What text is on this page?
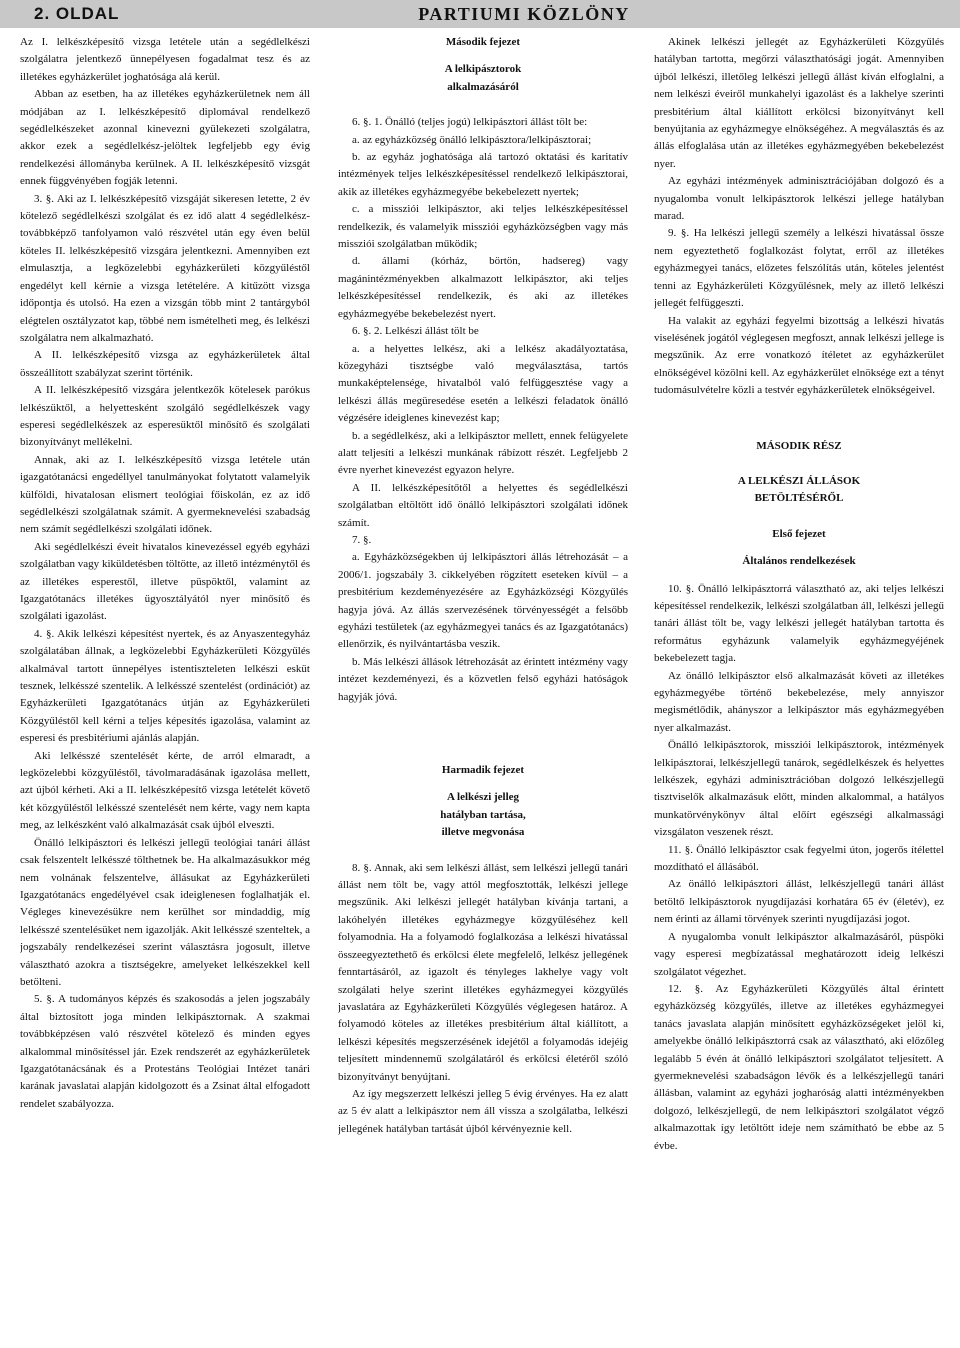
2. OLDAL	PARTIUMI KÖZLÖNY

Az I. lelkészképesítő vizsga letétele után a segédlelkészi szolgálatra jelentkező ünnepélyesen fogadalmat tesz és az illetékes egyházkerület joghatósága alá kerül.

Abban az esetben, ha az illetékes egyházkerületnek nem áll módjában az I. lelkészképesítő diplomával rendelkező segédlelkészeket azonnal kinevezni gyülekezeti szolgálatra, akkor ezek a segédlelkész-jelöltek legfeljebb egy évig rendelkezési állományba kerülnek. A II. lelkészképesítő vizsgát ennek függvényében fogják letenni.

3. §. Aki az I. lelkészképesítő vizsgáját sikeresen letette, 2 év kötelező segédlelkészi szolgálat és ez idő alatt 4 segédlelkész-továbbképző tanfolyamon való részvétel után egy éven belül köteles II. lelkészképesítő vizsgára jelentkezni. Amennyiben ezt elmulasztja, a legközelebbi egyházkerületi közgyűléstől engedélyt kell kérnie a vizsga letételére. A kitűzött vizsga időpontja és utolsó. Ha ezen a vizsgán több mint 2 tantárgyból elégtelen osztályzatot kap, többé nem ismételheti meg, és lelkészi szolgálatra nem alkalmazható.

A II. lelkészképesítő vizsga az egyházkerületek által összeállított szabályzat szerint történik.

A II. lelkészképesítő vizsgára jelentkezők kötelesek parókus lelkészüktől, a helyettesként szolgáló segédlelkészek vagy esperesi segédlelkészek az esperesüktől minősítő és szolgálati bizonyítványt mellékelni.

Annak, aki az I. lelkészképesítő vizsga letétele után igazgatótanácsi engedéllyel tanulmányokat folytatott valamelyik külföldi, hivatalosan elismert teológiai főiskolán, ez az idő segédlelkészi szolgálatnak számít. A gyermeknevelési szabadság nem számít segédlelkészi szolgálati időnek.

Aki segédlelkészi éveit hivatalos kinevezéssel egyéb egyházi szolgálatban vagy kiküldetésben töltötte, az illető intézménytől és az illetékes esperestől, illetve püspöktől, valamint az Igazgatótanács illetékes ügyosztályától nyer minősítő és szolgálati igazolást.

4. §. Akik lelkészi képesítést nyertek, és az Anyaszentegyház szolgálatában állnak, a legközelebbi Egyházkerületi Közgyűlés alkalmával tartott ünnepélyes istentiszteleten lelkészi esküt tesznek, lelkésszé szentelik. A lelkésszé szentelést (ordinációt) az Egyházkerületi Igazgatótanács útján az Egyházkerületi Közgyűléstől kell kérni a teljes képesítés igazolása, valamint az esperesi és presbitériumi ajánlás alapján.

Aki lelkésszé szentelését kérte, de arról elmaradt, a legközelebbi közgyűléstől, távolmaradásának igazolása mellett, azt újból kérheti. Aki a II. lelkészképesítő vizsga letételét követő két közgyűléstől lelkésszé szentelését nem kérte, vagy nem kapta meg, az lelkészként való alkalmazását csak újból elveszti.

Önálló lelkipásztori és lelkészi jellegű teológiai tanári állást csak felszentelt lelkésszé tölthetnek be. Ha alkalmazásukkor még nem volnának felszentelve, állásukat az Egyházkerületi Igazgatótanács engedélyével csak ideiglenesen foglalhatják el. Végleges kinevezésükre nem kerülhet sor mindaddig, míg lelkésszé szentelésüket nem igazolják. Akit lelkésszé szenteltek, a jogszabály rendelkezései szerint választásra jogosult, illetve választható azokra a tisztségekre, amelyeket lelkészekkel kell betölteni.

5. §. A tudományos képzés és szakosodás a jelen jogszabály által biztosított joga minden lelkipásztornak. A szakmai továbbképzésen való részvétel kötelező és minden egyes alkalommal minősítéssel jár. Ezek rendszerét az egyházkerületek Igazgatótanácsának és a Protestáns Teológiai Intézet tanári karának javaslatai alapján kidolgozott és a Zsinat által elfogadott rendelet szabályozza.

Második fejezet

A lelkipásztorok

alkalmazásáról

6. §. 1. Önálló (teljes jogú) lelkipásztori állást tölt be:

a. az egyházközség önálló lelkipásztora/lelkipásztorai;

b. az egyház joghatósága alá tartozó oktatási és karitatív intézmények teljes lelkészképesítéssel rendelkező lelkipásztorai, akik az illetékes egyházmegyébe bekebelezett nyertek;

c. a missziói lelkipásztor, aki teljes lelkészképesítéssel rendelkezik, és valamelyik missziói egyházközségben vagy más missziói szolgálatban működik;

d. állami (kórház, börtön, hadsereg) vagy magánintézményekben alkalmazott lelkipásztor, aki teljes lelkészképesítéssel rendelkezik, és aki az illetékes egyházmegyébe bekebelezést nyert.

6. §. 2. Lelkészi állást tölt be

a. a helyettes lelkész, aki a lelkész akadályoztatása, közegyházi tisztségbe való megválasztása, tartós munkaképtelensége, hivatalból való felfüggesztése vagy a lelkészi állás megüresedése esetén a lelkészi feladatok önálló végzésére ideiglenes kinevezést kap;

b. a segédlelkész, aki a lelkipásztor mellett, ennek felügyelete alatt teljesíti a lelkészi munkának rábízott részét. Legfeljebb 2 évre nyerhet kinevezést egyazon helyre.

A II. lelkészképesítőtől a helyettes és segédlelkészi szolgálatban eltöltött idő önálló lelkipásztori szolgálati időnek számít.

7. §.

a. Egyházközségekben új lelkipásztori állás létrehozását – a 2006/1. jogszabály 3. cikkelyében rögzített eseteken kívül – a presbitérium kezdeményezésére az Egyházközségi Közgyűlés hagyja jóvá. Az állás szervezésének törvényességét a felsőbb egyházi testületek (az egyházmegyei tanács és az Igazgatótanács) ellenőrzik, és nyilvántartásba veszik.

b. Más lelkészi állások létrehozását az érintett intézmény vagy intézet kezdeményezi, és a közvetlen felső egyházi hatóságok hagyják jóvá.

Harmadik fejezet

A lelkészi jelleg

hatályban tartása,

illetve megvonása

8. §. Annak, aki sem lelkészi állást, sem lelkészi jellegű tanári állást nem tölt be, vagy attól megfosztották, lelkészi jellege megszűnik. Aki lelkészi jellegét hatályban kívánja tartani, a lakóhelyén illetékes egyházmegye közgyűléséhez kell folyamodnia. Ha a folyamodó foglalkozása a lelkészi hivatással összeegyeztethető és erkölcsi élete megfelelő, lelkész jellegének fenntartásáról, az igazolt és tényleges lakhelye vagy volt szolgálati helye szerint illetékes egyházmegyei közgyűlés javaslatára az Egyházkerületi Közgyűlés véglegesen határoz. A folyamodó köteles az illetékes presbitérium által kiállított, a lelkészi képesítés megszerzésének idejétől a folyamodás idejéig teljesített mindennemű szolgálatáról és erkölcsi életéről szóló bizonyítványt benyújtani.

Az így megszerzett lelkészi jelleg 5 évig érvényes. Ha ez alatt az 5 év alatt a lelkipásztor nem áll vissza a szolgálatba, lelkészi jellegének hatályban tartását újból kérvényeznie kell.

Akinek lelkészi jellegét az Egyházkerületi Közgyűlés hatályban tartotta, megőrzi választhatósági jogát. Amennyiben újból lelkészi, illetőleg lelkészi jellegű állást kíván elfoglalni, a nem lelkészi éveiről munkahelyi igazolást és a lakhelye szerinti presbitérium által kiállított erkölcsi bizonyítványt kell benyújtania az egyházmegye elnökségéhez. A megválasztás és az állás elfoglalása után az illetékes egyházmegyében bekebelezést nyer.

Az egyházi intézmények adminisztrációjában dolgozó és a nyugalomba vonult lelkipásztorok lelkészi jellege hatályban marad.

9. §. Ha lelkészi jellegű személy a lelkészi hivatással össze nem egyeztethető foglalkozást folytat, erről az illetékes egyházmegyei tanács, előzetes felszólítás után, köteles jelentést tenni az Egyházkerületi Közgyűlésnek, mely az illető lelkészi jellegét felfüggeszti.

Ha valakit az egyházi fegyelmi bizottság a lelkészi hivatás viselésének jogától véglegesen megfoszt, annak lelkészi jellege is megszűnik. Az erre vonatkozó ítéletet az egyházkerület elnökségével közölni kell. Az egyházkerület elnöksége ezt a tényt tudomásulvételre közli a testvér egyházkerületek elnökségeivel.

MÁSODIK RÉSZ

A LELKÉSZI ÁLLÁSOK

BETÖLTÉSÉRŐL

Első fejezet

Általános rendelkezések

10. §. Önálló lelkipásztorrá választható az, aki teljes lelkészi képesítéssel rendelkezik, lelkészi szolgálatban áll, lelkészi jellegű tanári állást tölt be, vagy lelkészi jellegét hatályban tartotta és református egyházunk valamelyik egyházmegyéjének bekebelezett tagja.

Az önálló lelkipásztor első alkalmazását követi az illetékes egyházmegyébe történő bekebelezése, mely annyiszor megismétlődik, ahányszor a lelkipásztor más egyházmegyében nyer alkalmazást.

Önálló lelkipásztorok, missziói lelkipásztorok, intézmények lelkipásztorai, lelkészjellegű tanárok, segédlelkészek és helyettes lelkészek, egyházi adminisztrációban dolgozó lelkészjellegű tisztviselők alkalmazásuk előtt, minden alkalommal, a hatályos munkatörvénykönyv által előírt egészségi alkalmassági vizsgálaton veszenek részt.

11. §. Önálló lelkipásztor csak fegyelmi úton, jogerős ítélettel mozdítható el állásából.

Az önálló lelkipásztori állást, lelkészjellegű tanári állást betöltő lelkipásztorok nyugdíjazási korhatára 65 év (életév), ez nem érinti az állami törvények szerinti nyugdíjazási jogot.

A nyugalomba vonult lelkipásztor alkalmazásáról, püspöki vagy esperesi megbízatással meghatározott ideig lelkészi szolgálatot végezhet.

12. §. Az Egyházkerületi Közgyűlés által érintett egyházközség közgyűlés, illetve az illetékes egyházmegyei tanács javaslata alapján minősített egyházközségeket jelöl ki, amelyekbe önálló lelkipásztorrá csak az választható, aki előzőleg legalább 5 évén át önálló lelkipásztori szolgálatot teljesített. A gyermeknevelési szabadságon lévők és a lelkészjellegű tanári állásban, valamint az egyházi jogharóság alatti intézményekben dolgozó, lelkészjellegű, de nem lelkipásztori szolgálatot végző alkalmazottak így letöltött ideje nem számítható be ebbe az 5 évbe.
